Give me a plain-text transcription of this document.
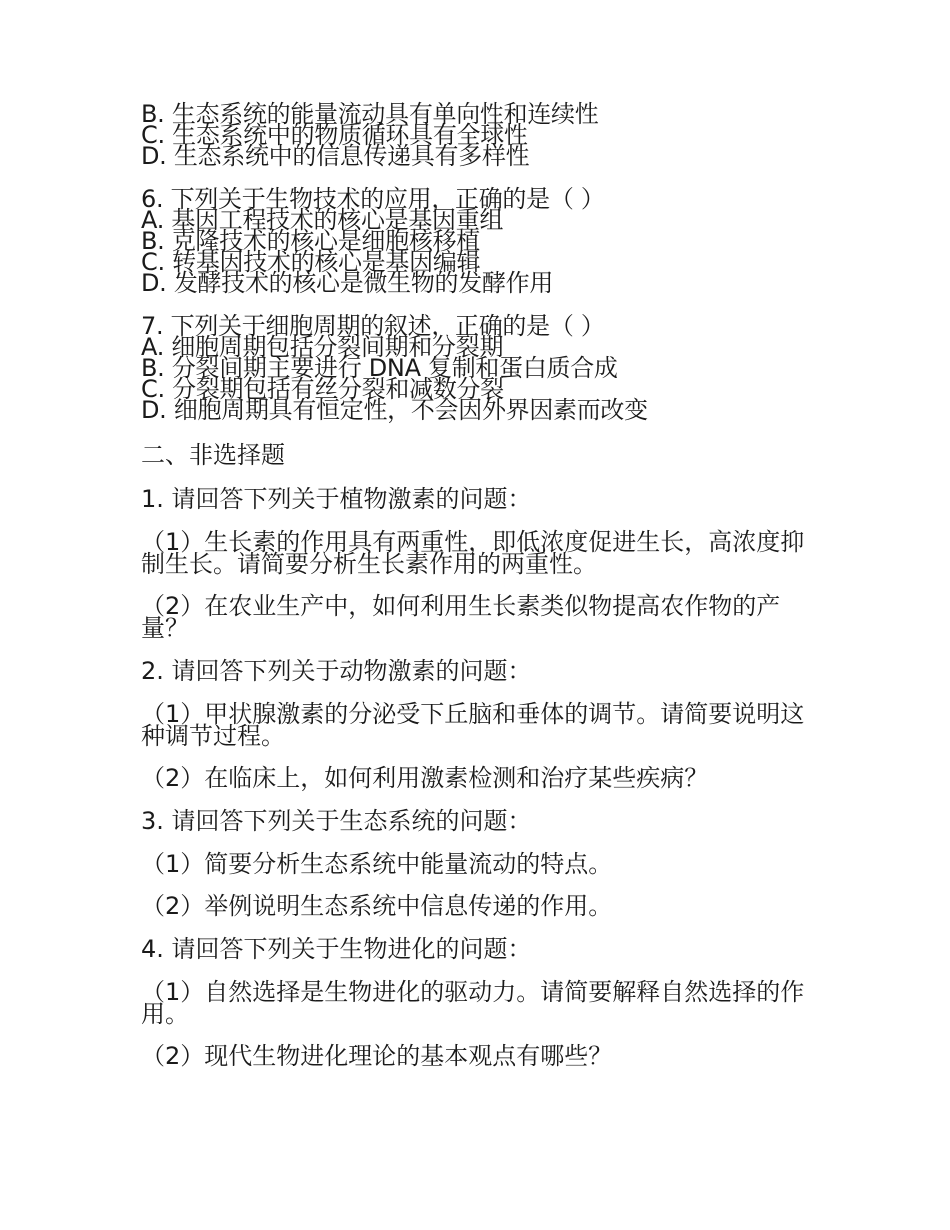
B. 生态系统的能量流动具有单向性和连续性
C. 生态系统中的物质循环具有全球性
D. 生态系统中的信息传递具有多样性
6. 下列关于生物技术的应用，正确的是（ ）
A. 基因工程技术的核心是基因重组
B. 克隆技术的核心是细胞核移植
C. 转基因技术的核心是基因编辑
D. 发酵技术的核心是微生物的发酵作用
7. 下列关于细胞周期的叙述，正确的是（ ）
A. 细胞周期包括分裂间期和分裂期
B. 分裂间期主要进行 DNA 复制和蛋白质合成
C. 分裂期包括有丝分裂和减数分裂
D. 细胞周期具有恒定性，不会因外界因素而改变
二、非选择题
1. 请回答下列关于植物激素的问题：
（1）生长素的作用具有两重性，即低浓度促进生长，高浓度抑制生长。请简要分析生长素作用的两重性。
（2）在农业生产中，如何利用生长素类似物提高农作物的产量？
2. 请回答下列关于动物激素的问题：
（1）甲状腺激素的分泌受下丘脑和垂体的调节。请简要说明这种调节过程。
（2）在临床上，如何利用激素检测和治疗某些疾病？
3. 请回答下列关于生态系统的问题：
（1）简要分析生态系统中能量流动的特点。
（2）举例说明生态系统中信息传递的作用。
4. 请回答下列关于生物进化的问题：
（1）自然选择是生物进化的驱动力。请简要解释自然选择的作用。
（2）现代生物进化理论的基本观点有哪些？
